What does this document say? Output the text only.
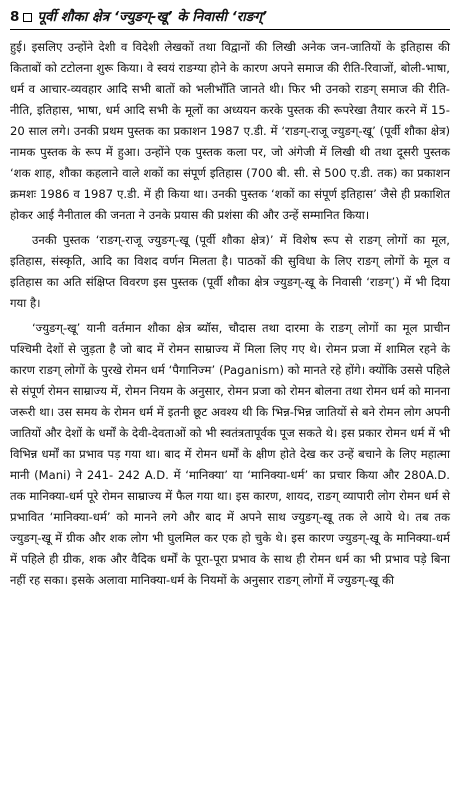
8 पूर्वी शौका क्षेत्र ‘ज्युङग्-खू’ के निवासी ‘राङग्’

हुई। इसलिए उन्होंने देशी व विदेशी लेखकों तथा विद्वानों की लिखी अनेक जन-जातियों के इतिहास की किताबों को टटोलना शुरू किया। वे स्वयं राङग्या होने के कारण अपने समाज की रीति-रिवाजों, बोली-भाषा, धर्म व आचार-व्यवहार आदि सभी बातों को भलीभाँति जानते थी। फिर भी उनको राङग् समाज की रीति-नीति, इतिहास, भाषा, धर्म आदि सभी के मूलों का अध्ययन करके पुस्तक की रूपरेखा तैयार करने में 15-20 साल लगे। उनकी प्रथम पुस्तक का प्रकाशन 1987 ए.डी. में ‘राङग्-राजू ज्युङग्-खू’ (पूर्वी शौका क्षेत्र) नामक पुस्तक के रूप में हुआ। उन्होंने एक पुस्तक कला पर, जो अंगेजी में लिखी थी तथा दूसरी पुस्तक ‘शक शाह, शौका कहलाने वाले शकों का संपूर्ण इतिहास (700 बी. सी. से 500 ए.डी. तक) का प्रकाशन क्रमशः 1986 व 1987 ए.डी. में ही किया था। उनकी पुस्तक ‘शकों का संपूर्ण इतिहास’ जैसे ही प्रकाशित होकर आई नैनीताल की जनता ने उनके प्रयास की प्रशंसा की और उन्हें सम्मानित किया।

उनकी पुस्तक ‘राङग्-राजू ज्युङग्-खू (पूर्वी शौका क्षेत्र)’ में विशेष रूप से राङग् लोगों का मूल, इतिहास, संस्कृति, आदि का विशद वर्णन मिलता है। पाठकों की सुविधा के लिए राङग् लोगों के मूल व इतिहास का अति संक्षिप्त विवरण इस पुस्तक (पूर्वी शौका क्षेत्र ज्युङग्-खू के निवासी ‘राङग्’) में भी दिया गया है।

‘ज्युङग्-खू’ यानी वर्तमान शौका क्षेत्र ब्यॉस, चौदास तथा दारमा के राङग् लोगों का मूल प्राचीन पश्चिमी देशों से जुड़ता है जो बाद में रोमन साम्राज्य में मिला लिए गए थे। रोमन प्रजा में शामिल रहने के कारण राङग् लोगों के पुरखे रोमन धर्म ‘पैगानिज्म’ (Paganism) को मानते रहे होंगे। क्योंकि उससे पहिले से संपूर्ण रोमन साम्राज्य में, रोमन नियम के अनुसार, रोमन प्रजा को रोमन बोलना तथा रोमन धर्म को मानना जरूरी था। उस समय के रोमन धर्म में इतनी छूट अवश्य थी कि भिन्न-भिन्न जातियों से बने रोमन लोग अपनी जातियों और देशों के धर्मों के देवी-देवताओं को भी स्वतंत्रतापूर्वक पूज सकते थे। इस प्रकार रोमन धर्म में भी विभिन्न धर्मों का प्रभाव पड़ गया था। बाद में रोमन धर्मों के क्षीण होते देख कर उन्हें बचाने के लिए महात्मा मानी (Mani) ने 241- 242 A.D. में ‘मानिक्या’ या ‘मानिक्या-धर्म’ का प्रचार किया और 280A.D. तक मानिक्या-धर्म पूरे रोमन साम्राज्य में फैल गया था। इस कारण, शायद, राङग् व्यापारी लोग रोमन धर्म से प्रभावित ‘मानिक्या-धर्म’ को मानने लगे और बाद में अपने साथ ज्युङग्-खू तक ले आये थे। तब तक ज्युङग्-खू में ग्रीक और शक लोग भी घुलमिल कर एक हो चुके थे। इस कारण ज्युङग्-खू के मानिक्या-धर्म में पहिले ही ग्रीक, शक और वैदिक धर्मों के पूरा-पूरा प्रभाव के साथ ही रोमन धर्म का भी प्रभाव पड़े बिना नहीं रह सका। इसके अलावा मानिक्या-धर्म के नियमों के अनुसार राङग् लोगों में ज्युङग्-खू की
